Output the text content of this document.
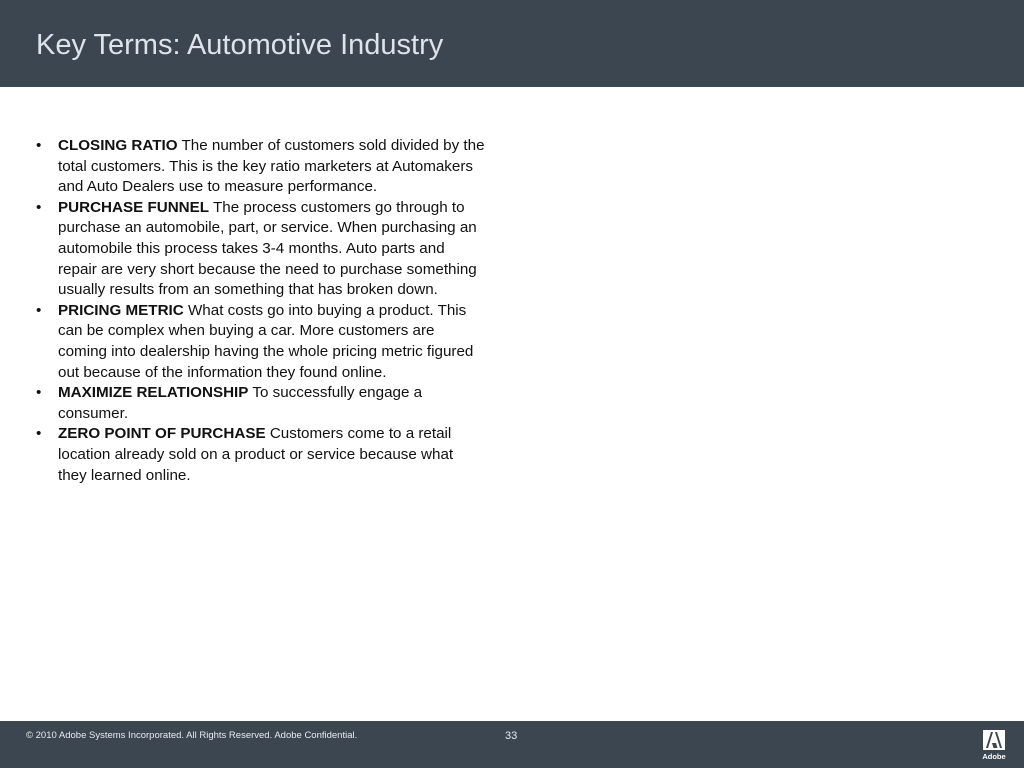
Key Terms: Automotive Industry
• CLOSING RATIO The number of customers sold divided by the total customers. This is the key ratio marketers at Automakers and Auto Dealers use to measure performance.
• PURCHASE FUNNEL The process customers go through to purchase an automobile, part, or service. When purchasing an automobile this process takes 3-4 months. Auto parts and repair are very short because the need to purchase something usually results from an something that has broken down.
• PRICING METRIC What costs go into buying a product. This can be complex when buying a car. More customers are coming into dealership having the whole pricing metric figured out because of the information they found online.
• MAXIMIZE RELATIONSHIP To successfully engage a consumer.
• ZERO POINT OF PURCHASE Customers come to a retail location already sold on a product or service because what they learned online.
© 2010 Adobe Systems Incorporated. All Rights Reserved. Adobe Confidential.	33
Adobe
